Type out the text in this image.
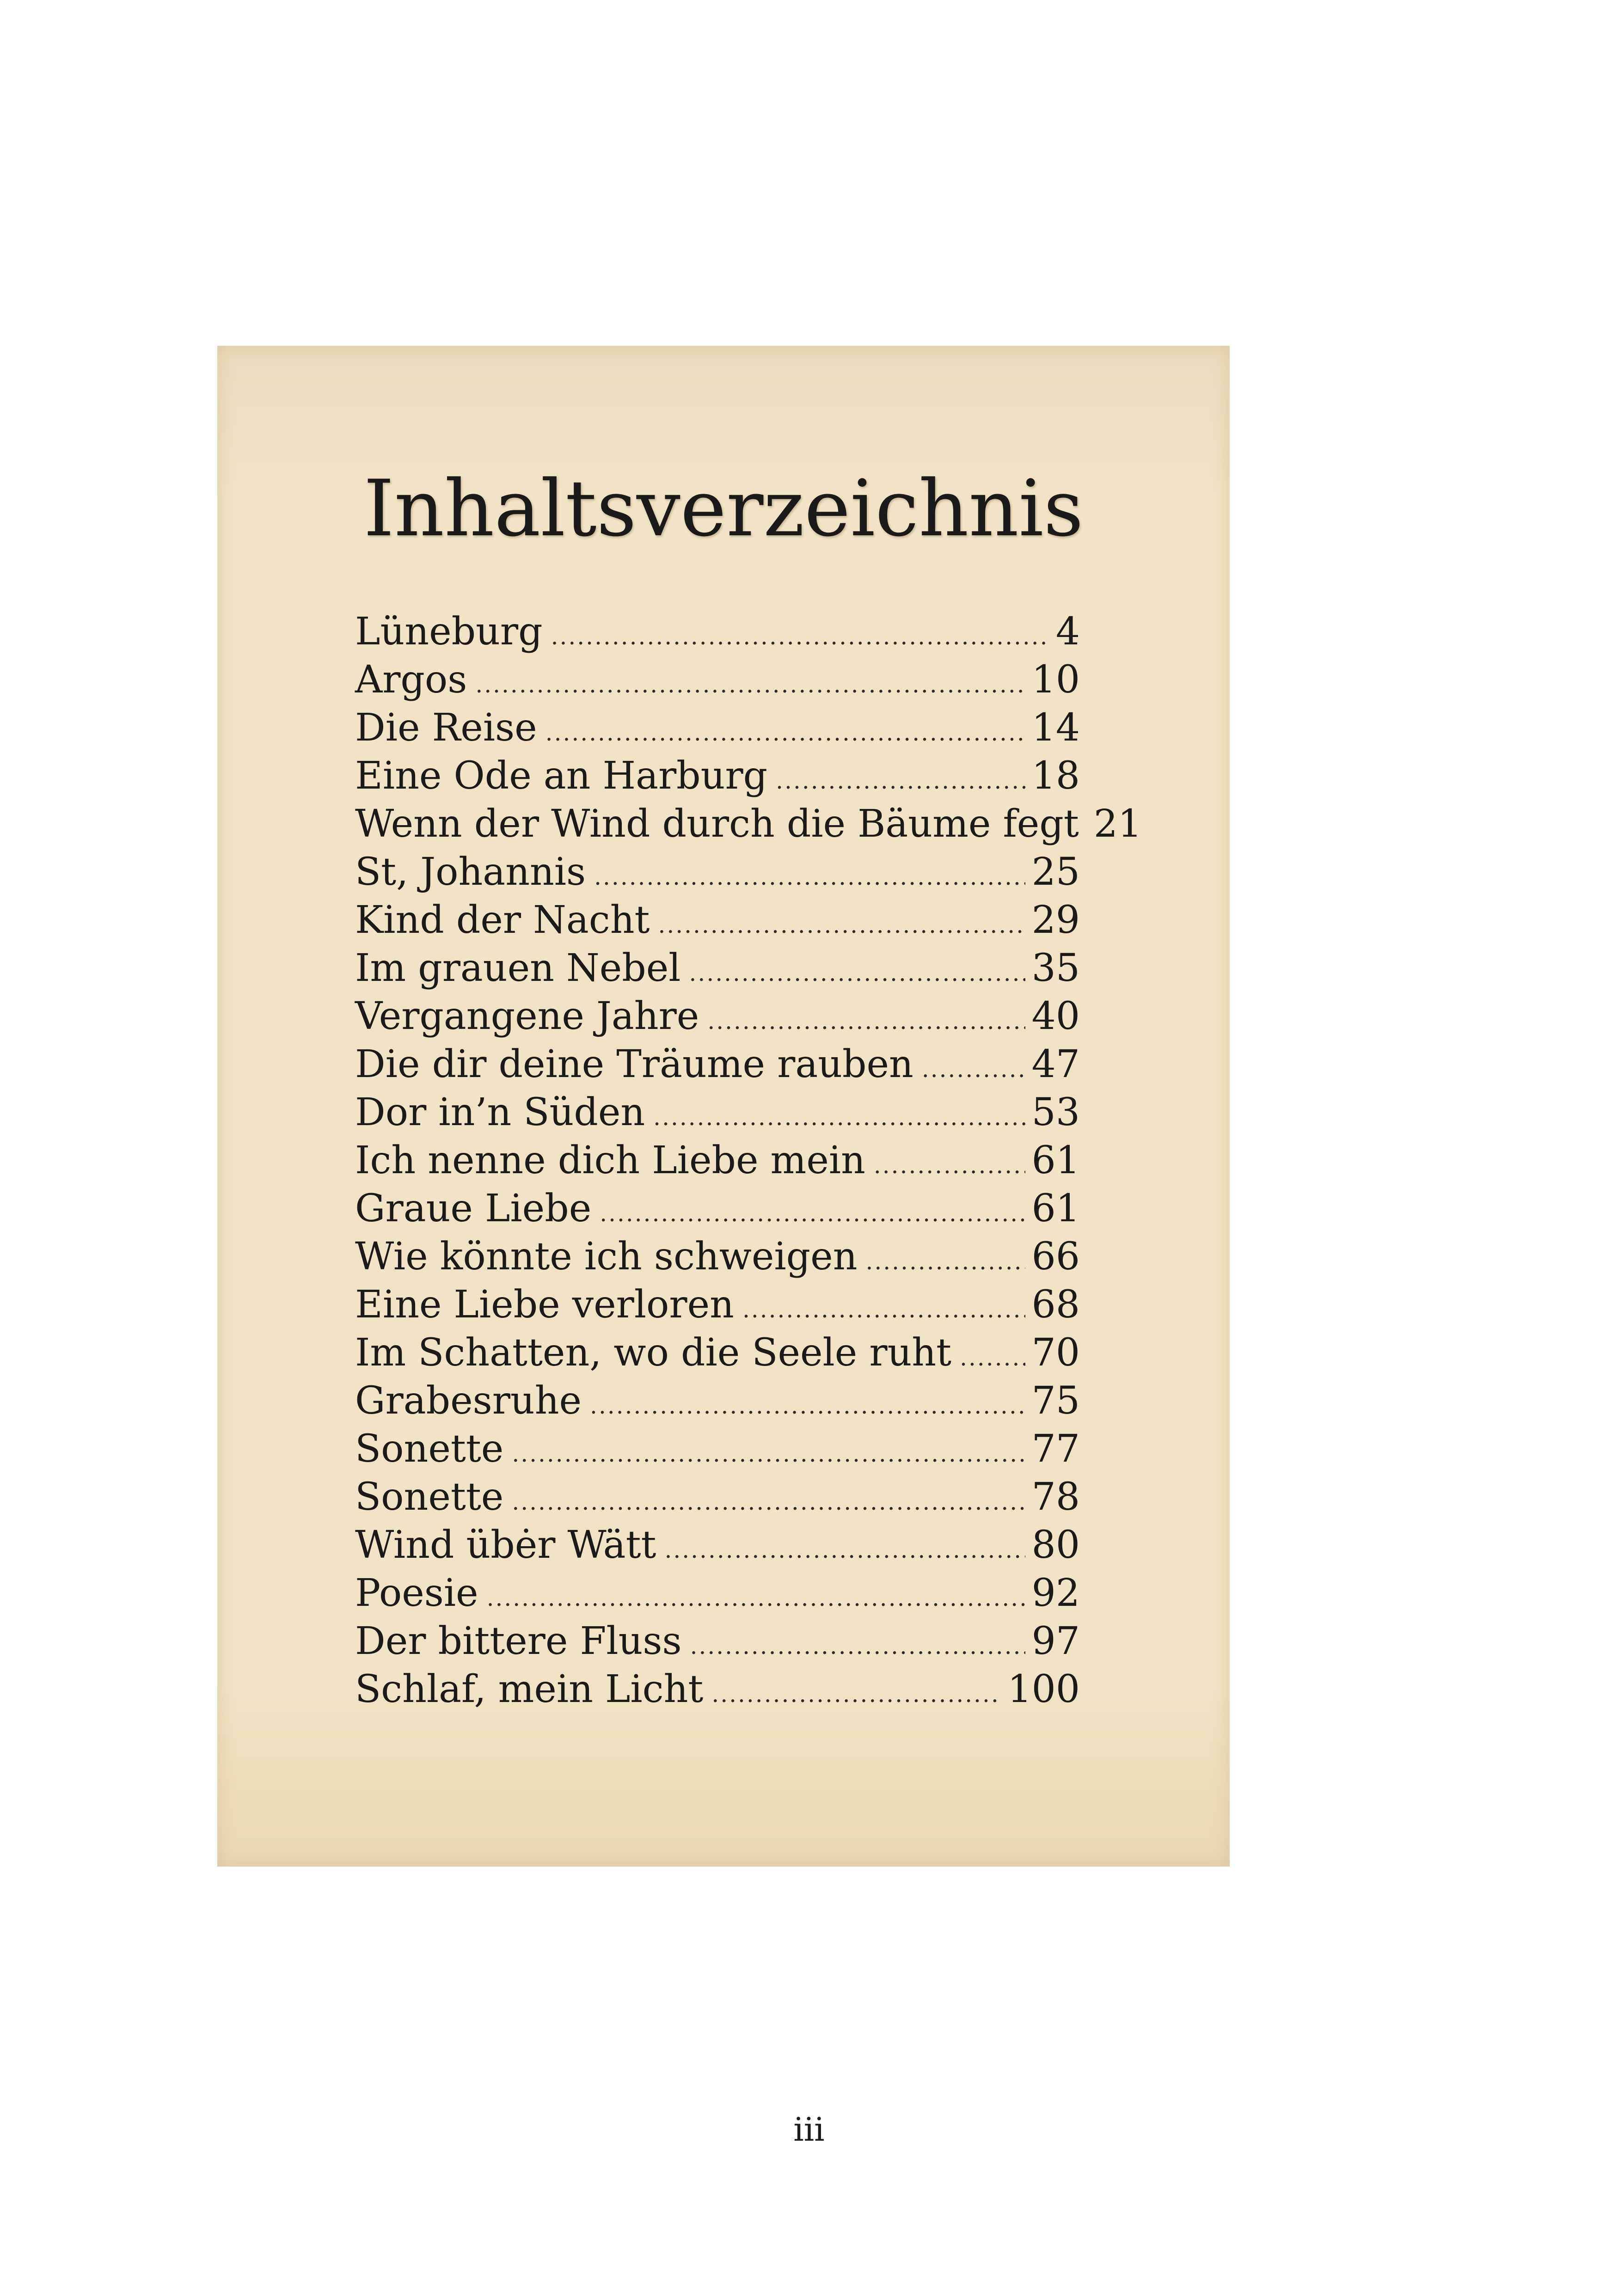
Inhaltsverzeichnis
Lüneburg .....	4
Argos .....	10
Die Reise .....	14
Eine Ode an Harburg .....	18
Wenn der Wind durch die Bäume fegt 21
St, Johannis .....	25
Kind der Nacht .....	29
Im grauen Nebel .....	35
Vergangene Jahre .....	40
Die dir deine Träume rauben .....	47
Dor in’n Süden .....	53
Ich nenne dich Liebe mein .....	61
Graue Liebe .....	61
Wie könnte ich schweigen .....	66
Eine Liebe verloren .....	68
Im Schatten, wo die Seele ruht ..... 70
Grabesruhe .....	75
Sonette .....	77
Sonette .....	78
Wind übėr Wätt .....	80
Poesie .....	92
Der bittere Fluss .....	97
Schlaf, mein Licht .....	100
iii
